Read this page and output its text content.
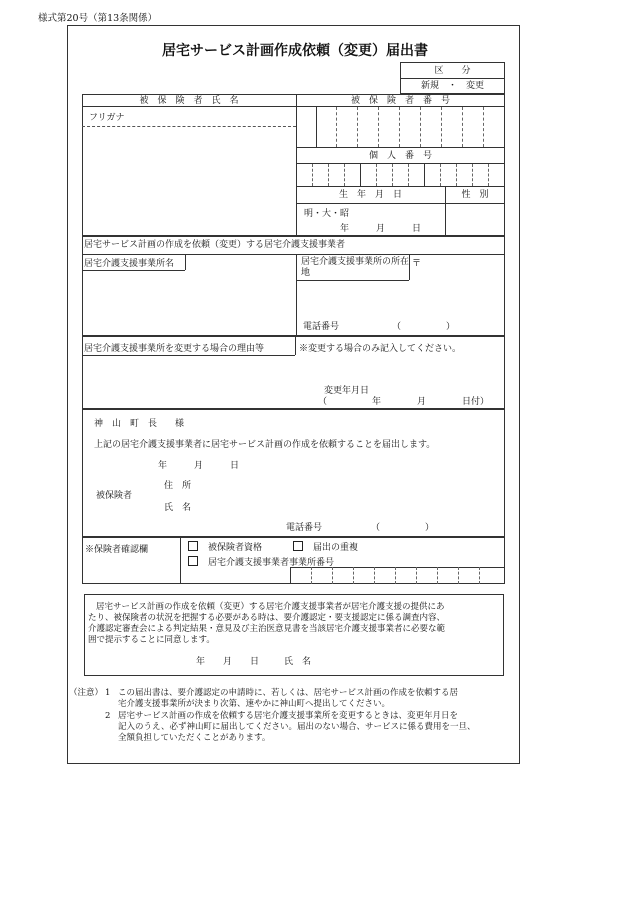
様式第20号（第13条関係）
居宅サービス計画作成依頼（変更）届出書
区　　分
新規　・　変更
被　保　険　者　氏　名	被　保　険　者　番　号
フリガナ
個　人　番　号
生　年　月　日	性　別
明・大・昭
年　　　月　　　日
居宅サービス計画の作成を依頼（変更）する居宅介護支援事業者
居宅介護支援事業所名	居宅介護支援事業所の所在地
〒
電話番号	（　　　　　）
居宅介護支援事業所を変更する場合の理由等	※変更する場合のみ記入してください。
変更年月日
（　　　　　年　　　　月　　　　日付）
神　山　町　長　　様
上記の居宅介護支援事業者に居宅サービス計画の作成を依頼することを届出します。
年　　　月　　　日
被保険者
住　所
氏　名
電話番号	（　　　　　）
※保険者確認欄	被保険者資格	届出の重複
居宅介護支援事業者事業所番号
居宅サービス計画の作成を依頼（変更）する居宅介護支援事業者が居宅介護支援の提供にあ
たり、被保険者の状況を把握する必要がある時は、要介護認定・要支援認定に係る調査内容、
介護認定審査会による判定結果・意見及び主治医意見書を当該居宅介護支援事業者に必要な範
囲で提示することに同意します。
年　　月　　日	氏　名
（注意） 1 この届出書は、要介護認定の申請時に、若しくは、居宅サービス計画の作成を依頼する居
宅介護支援事業所が決まり次第、速やかに神山町へ提出してください。
2 居宅サービス計画の作成を依頼する居宅介護支援事業所を変更するときは、変更年月日を
記入のうえ、必ず神山町に届出してください。届出のない場合、サービスに係る費用を一旦、
全額負担していただくことがあります。
